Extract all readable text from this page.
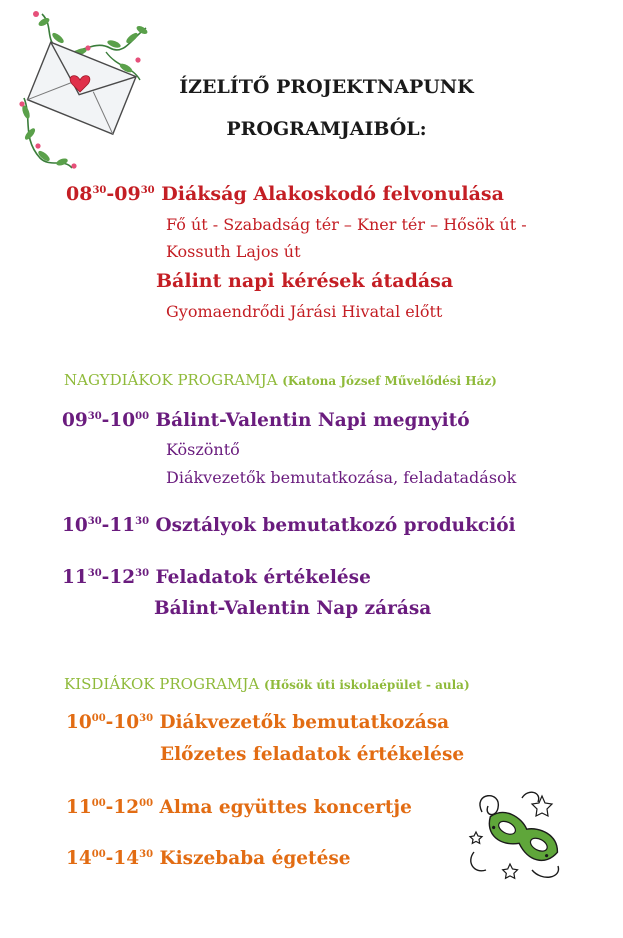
ÍZELÍTŐ PROJEKTNAPUNK
PROGRAMJAIBÓL:
$08^{30}-09^{30}$ Diákság Alakoskodó felvonulása
Fő út - Szabadság tér – Kner tér – Hősök út -
Kossuth Lajos út
Bálint napi kérések átadása
Gyomaendrődi Járási Hivatal előtt
NAGYDIÁKOK PROGRAMJA (Katona József Művelődési Ház)
$09^{30}-10^{00}$ Bálint-Valentin Napi megnyitó
Köszöntő
Diákvezetők bemutatkozása, feladatadások
$10^{30}-11^{30}$ Osztályok bemutatkozó produkciói
$11^{30}-12^{30}$ Feladatok értékelése
Bálint-Valentin Nap zárása
KISDIÁKOK PROGRAMJA (Hősök úti iskolaépület - aula)
$10^{00}-10^{30}$ Diákvezetők bemutatkozása
Előzetes feladatok értékelése
$11^{00}-12^{00}$ Alma együttes koncertje
$14^{00}-14^{30}$ Kiszebaba égetése
